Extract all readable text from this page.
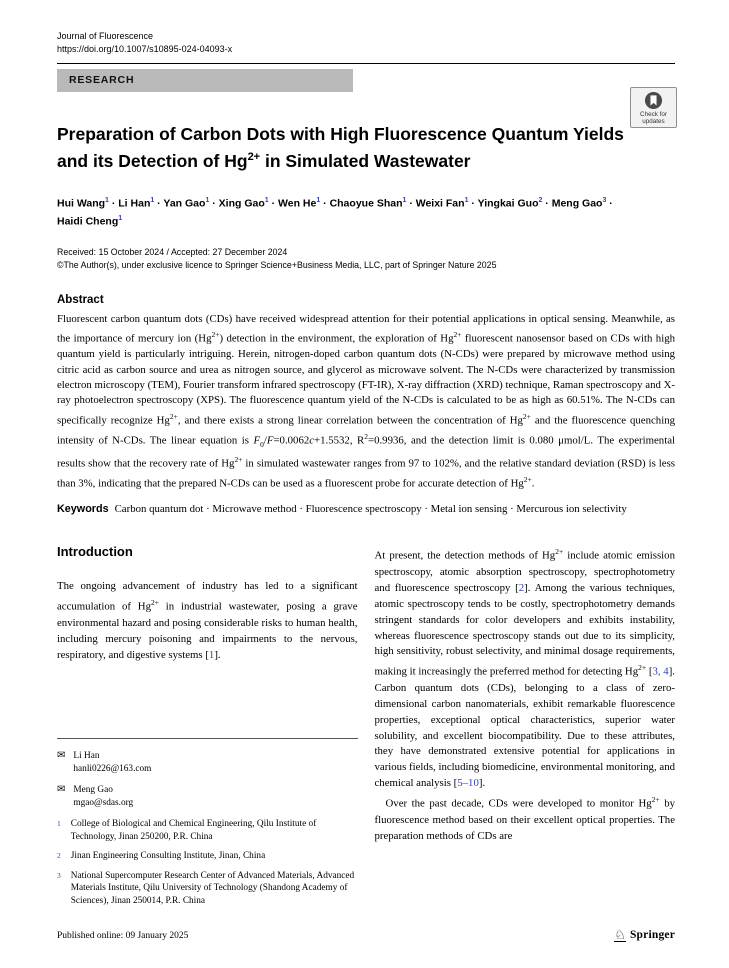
Journal of Fluorescence
https://doi.org/10.1007/s10895-024-04093-x
RESEARCH
Check for
updates
Preparation of Carbon Dots with High Fluorescence Quantum Yields
and its Detection of $Hg^{2+}$ in Simulated Wastewater
Hui Wang$^1$ · Li Han$^1$ · Yan Gao$^1$ · Xing Gao$^1$ · Wen $He^1$ · Chaoyue Shan$^1$ · Weixi Fan$^1$ · Yingkai Guo$^2$ · Meng Gao$^3$ ·
Haidi Cheng$^1$
Received: 15 October 2024 / Accepted: 27 December 2024
©The Author(s), under exclusive licence to Springer Science+Business Media, LLC, part of Springer Nature 2025
Abstract
Fluorescent carbon quantum dots (CDs) have received widespread attention for their potential applications in optical sensing. Meanwhile, as the importance of mercury ion $(Hg^{2+})$ detection in the environment, the exploration of $Hg^{2+}$ fluorescent nanosensor based on CDs with high quantum yield is particularly intriguing. Herein, nitrogen-doped carbon quantum dots (N-CDs) were prepared by microwave method using citric acid as carbon source and urea as nitrogen source, and glycerol as microwave solvent. The N-CDs were characterized by transmission electron microscopy (TEM), Fourier transform infrared spectroscopy (FT-IR), X-ray diffraction (XRD) technique, Raman spectroscopy and X-ray photoelectron spectroscopy (XPS). The fluorescence quantum yield of the N-CDs is calculated to be as high as 60.51%. The N-CDs can specifically recognize $Hg^{2+}$, and there exists a strong linear correlation between the concentration of $Hg^{2+}$ and the fluorescence quenching intensity of N-CDs. The linear equation is $F_0/F=0.0062c+1.5532$, $R^2=0.9936$, and the detection limit is 0.080 μmol/L. The experimental results show that the recovery rate of $Hg^{2+}$ in simulated wastewater ranges from 97 to 102%, and the relative standard deviation (RSD) is less than 3%, indicating that the prepared N-CDs can be used as a fluorescent probe for accurate detection of $Hg^{2+}$.
Keywords Carbon quantum dot · Microwave method · Fluorescence spectroscopy · Metal ion sensing · Mercurous ion selectivity
Introduction

The ongoing advancement of industry has led to a significant accumulation of $Hg^{2+}$ in industrial wastewater, posing a grave environmental hazard and posing considerable risks to human health, including mercury poisoning and impairments to the nervous, respiratory, and digestive systems [1].

✉ Li Han
hanli0226@163.com
✉ Meng Gao
mgao@sdas.org
1 College of Biological and Chemical Engineering, Qilu Institute of Technology, Jinan 250200, P.R. China
2 Jinan Engineering Consulting Institute, Jinan, China
3 National Supercomputer Research Center of Advanced Materials, Advanced Materials Institute, Qilu University of Technology (Shandong Academy of Sciences), Jinan 250014, P.R. China

At present, the detection methods of $Hg^{2+}$ include atomic emission spectroscopy, atomic absorption spectroscopy, spectrophotometry and fluorescence spectroscopy [2]. Among the various techniques, atomic spectroscopy tends to be costly, spectrophotometry demands stringent standards for color developers and exhibits instability, whereas fluorescence spectroscopy stands out due to its simplicity, high sensitivity, robust selectivity, and minimal dosage requirements, making it increasingly the preferred method for detecting $Hg^{2+}$ [3, 4]. Carbon quantum dots (CDs), belonging to a class of zero-dimensional carbon nanomaterials, exhibit remarkable fluorescence properties, exceptional optical characteristics, superior water solubility, and excellent biocompatibility. Due to these attributes, they have demonstrated extensive potential for applications in various fields, including biomedicine, environmental monitoring, and chemical analysis [5–10].

Over the past decade, CDs were developed to monitor $Hg^{2+}$ by fluorescence method based on their excellent optical properties. The preparation methods of CDs are

Published online: 09 January 2025	♘ Springer
